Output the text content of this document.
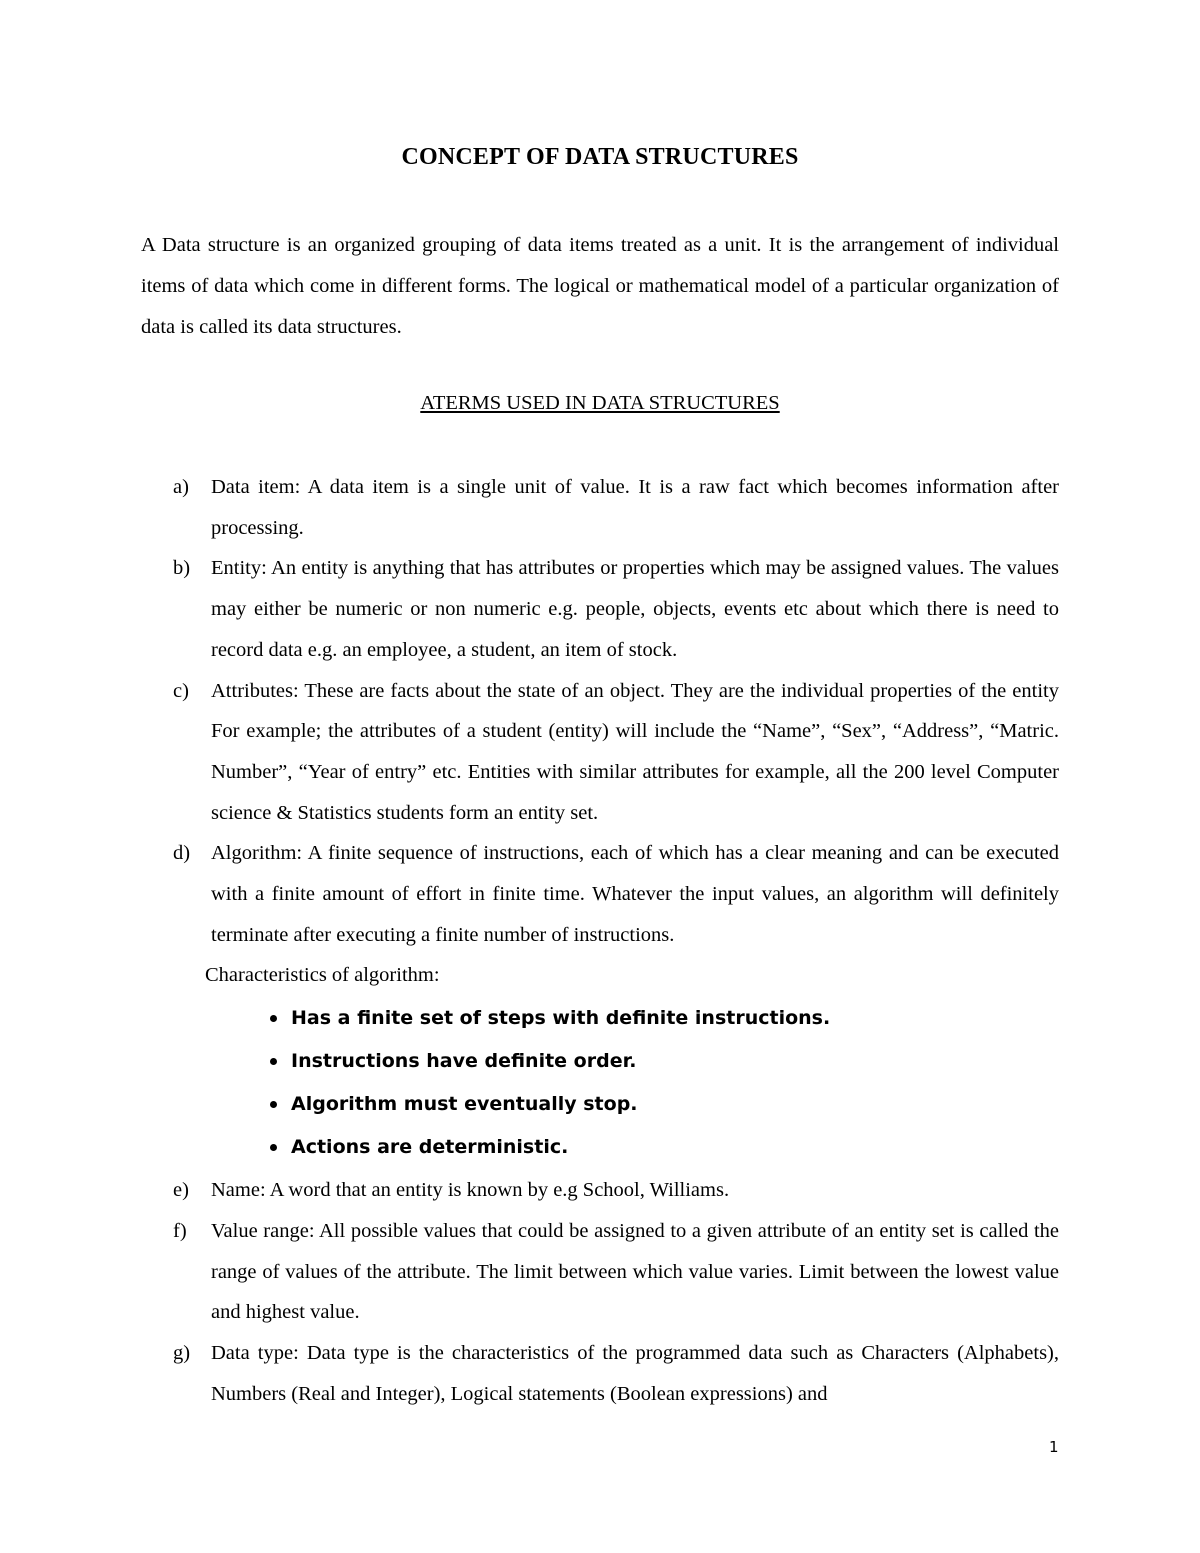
CONCEPT OF DATA STRUCTURES

A Data structure is an organized grouping of data items treated as a unit. It is the arrangement of individual items of data which come in different forms. The logical or mathematical model of a particular organization of data is called its data structures.

ATERMS USED IN DATA STRUCTURES
a) Data item: A data item is a single unit of value. It is a raw fact which becomes information after processing.
b) Entity: An entity is anything that has attributes or properties which may be assigned values. The values may either be numeric or non numeric e.g. people, objects, events etc about which there is need to record data e.g. an employee, a student, an item of stock.
c) Attributes: These are facts about the state of an object. They are the individual properties of the entity For example; the attributes of a student (entity) will include the “Name”, “Sex”, “Address”, “Matric. Number”, “Year of entry” etc. Entities with similar attributes for example, all the 200 level Computer science & Statistics students form an entity set.
d) Algorithm: A finite sequence of instructions, each of which has a clear meaning and can be executed with a finite amount of effort in finite time. Whatever the input values, an algorithm will definitely terminate after executing a finite number of instructions.
Characteristics of algorithm:
Has a finite set of steps with definite instructions.
Instructions have definite order.
Algorithm must eventually stop.
Actions are deterministic.
e) Name: A word that an entity is known by e.g School, Williams.
f) Value range: All possible values that could be assigned to a given attribute of an entity set is called the range of values of the attribute. The limit between which value varies. Limit between the lowest value and highest value.
g) Data type: Data type is the characteristics of the programmed data such as Characters (Alphabets), Numbers (Real and Integer), Logical statements (Boolean expressions) and
1
